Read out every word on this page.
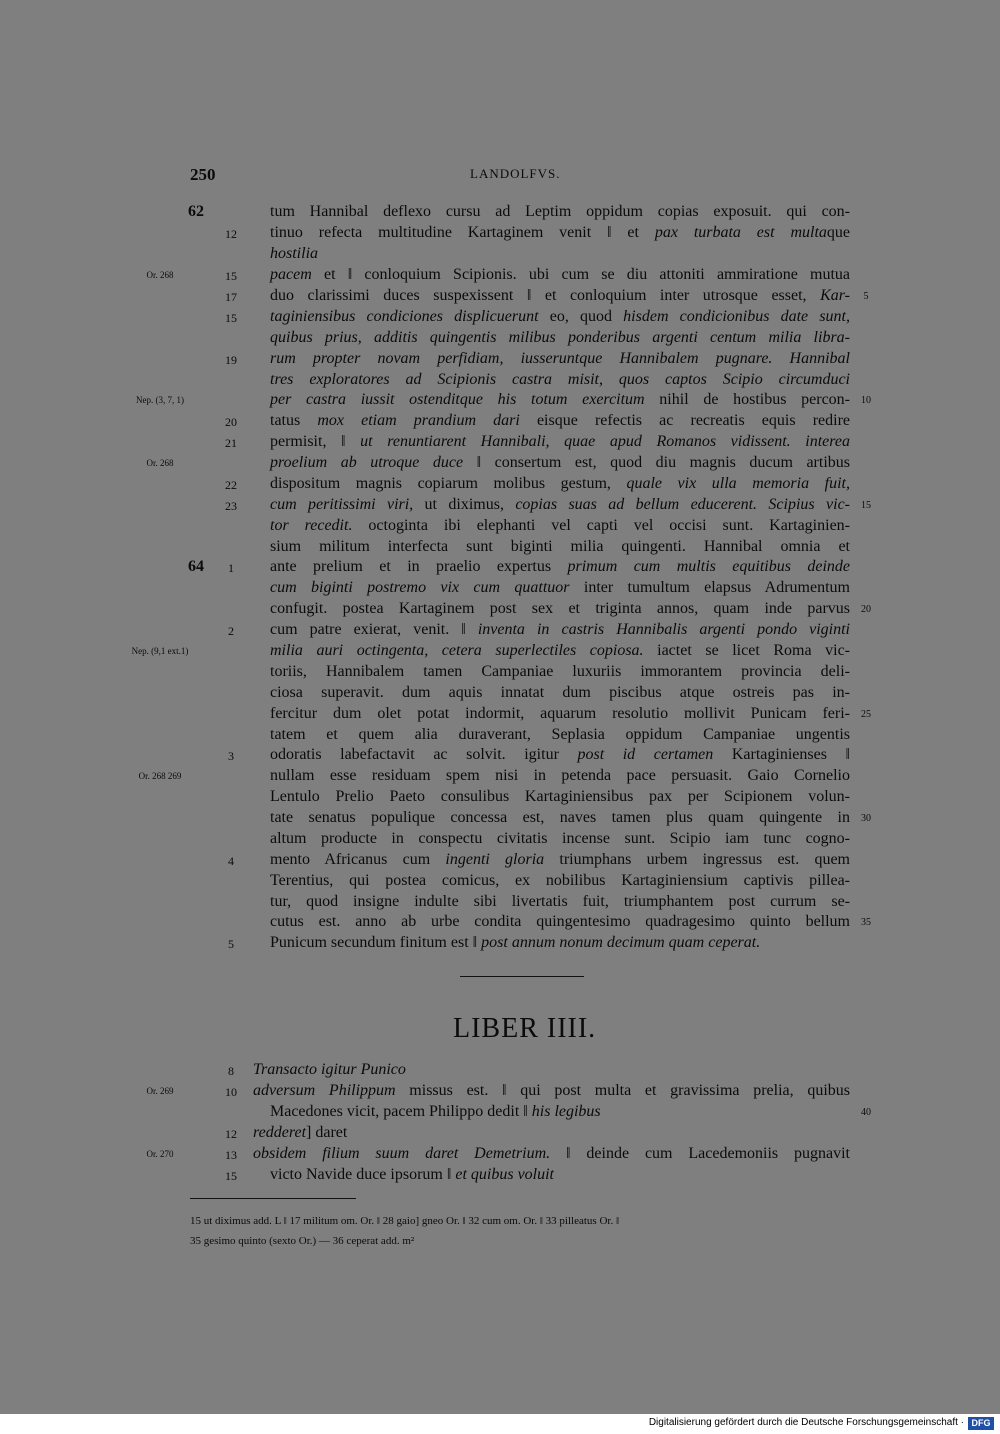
250	LANDOLFVS.
62	tum Hannibal deflexo cursu ad Leptim oppidum copias exposuit. qui con-
12	tinuo refecta multitudine Kartaginem venit ‖ et pax turbata est multaque
hostilia
Or. 268	15	pacem et ‖ conloquium Scipionis. ubi cum se diu attoniti ammiratione mutua
17	duo clarissimi duces suspexissent ‖ et conloquium inter utrosque esset, Kar-	5
15	taginiensibus condiciones displicuerunt eo, quod hisdem condicionibus date sunt,
quibus prius, additis quingentis milibus ponderibus argenti centum milia libra-
19	rum propter novam perfidiam, iusseruntque Hannibalem pugnare. Hannibal
tres exploratores ad Scipionis castra misit, quos captos Scipio circumduci
Nep. (3, 7, 1)	per castra iussit ostenditque his totum exercitum nihil de hostibus percon-	10
20	tatus mox etiam prandium dari eisque refectis ac recreatis equis redire
21	permisit, ‖ ut renuntiarent Hannibali, quae apud Romanos vidissent. interea
Or. 268	proelium ab utroque duce ‖ consertum est, quod diu magnis ducum artibus
22	dispositum magnis copiarum molibus gestum, quale vix ulla memoria fuit,
23	cum peritissimi viri, ut diximus, copias suas ad bellum educerent. Scipius vic-	15
tor recedit. octoginta ibi elephanti vel capti vel occisi sunt. Kartaginien-
sium militum interfecta sunt biginti milia quingenti. Hannibal omnia et
64	1	ante prelium et in praelio expertus primum cum multis equitibus deinde
cum biginti postremo vix cum quattuor inter tumultum elapsus Adrumentum
confugit. postea Kartaginem post sex et triginta annos, quam inde parvus	20
2	cum patre exierat, venit. ‖ inventa in castris Hannibalis argenti pondo viginti
Nep. (9,1 ext.1)	milia auri octingenta, cetera superlectiles copiosa. iactet se licet Roma vic-
toriis, Hannibalem tamen Campaniae luxuriis immorantem provincia deli-
ciosa superavit. dum aquis innatat dum piscibus atque ostreis pas in-
fercitur dum olet potat indormit, aquarum resolutio mollivit Punicam feri-	25
tatem et quem alia duraverant, Seplasia oppidum Campaniae ungentis
3	odoratis labefactavit ac solvit. igitur post id certamen Kartaginienses ‖
Or. 268 269	nullam esse residuam spem nisi in petenda pace persuasit. Gaio Cornelio
Lentulo Prelio Paeto consulibus Kartaginiensibus pax per Scipionem volun-
tate senatus populique concessa est, naves tamen plus quam quingente in	30
altum producte in conspectu civitatis incense sunt. Scipio iam tunc cogno-
4	mento Africanus cum ingenti gloria triumphans urbem ingressus est. quem
Terentius, qui postea comicus, ex nobilibus Kartaginiensium captivis pillea-
tur, quod insigne indulte sibi livertatis fuit, triumphantem post currum se-
cutus est. anno ab urbe condita quingentesimo quadragesimo quinto bellum	35
5	Punicum secundum finitum est ‖ post annum nonum decimum quam ceperat.
LIBER IIII.
8	Transacto igitur Punico
Or. 269	10	adversum Philippum missus est. ‖ qui post multa et gravissima prelia, quibus
Macedones vicit, pacem Philippo dedit ‖ his legibus	40
12	redderet] daret
Or. 270	13	obsidem filium suum daret Demetrium. ‖ deinde cum Lacedemoniis pugnavit
15	victo Navide duce ipsorum ‖ et quibus voluit
15 ut diximus add. L ‖ 17 militum om. Or. ‖ 28 gaio] gneo Or. ‖ 32 cum om. Or. ‖ 33 pilleatus Or. ‖
35 gesimo quinto (sexto Or.) — 36 ceperat add. m²
Digitalisierung gefördert durch die Deutsche Forschungsgemeinschaft · DFG
